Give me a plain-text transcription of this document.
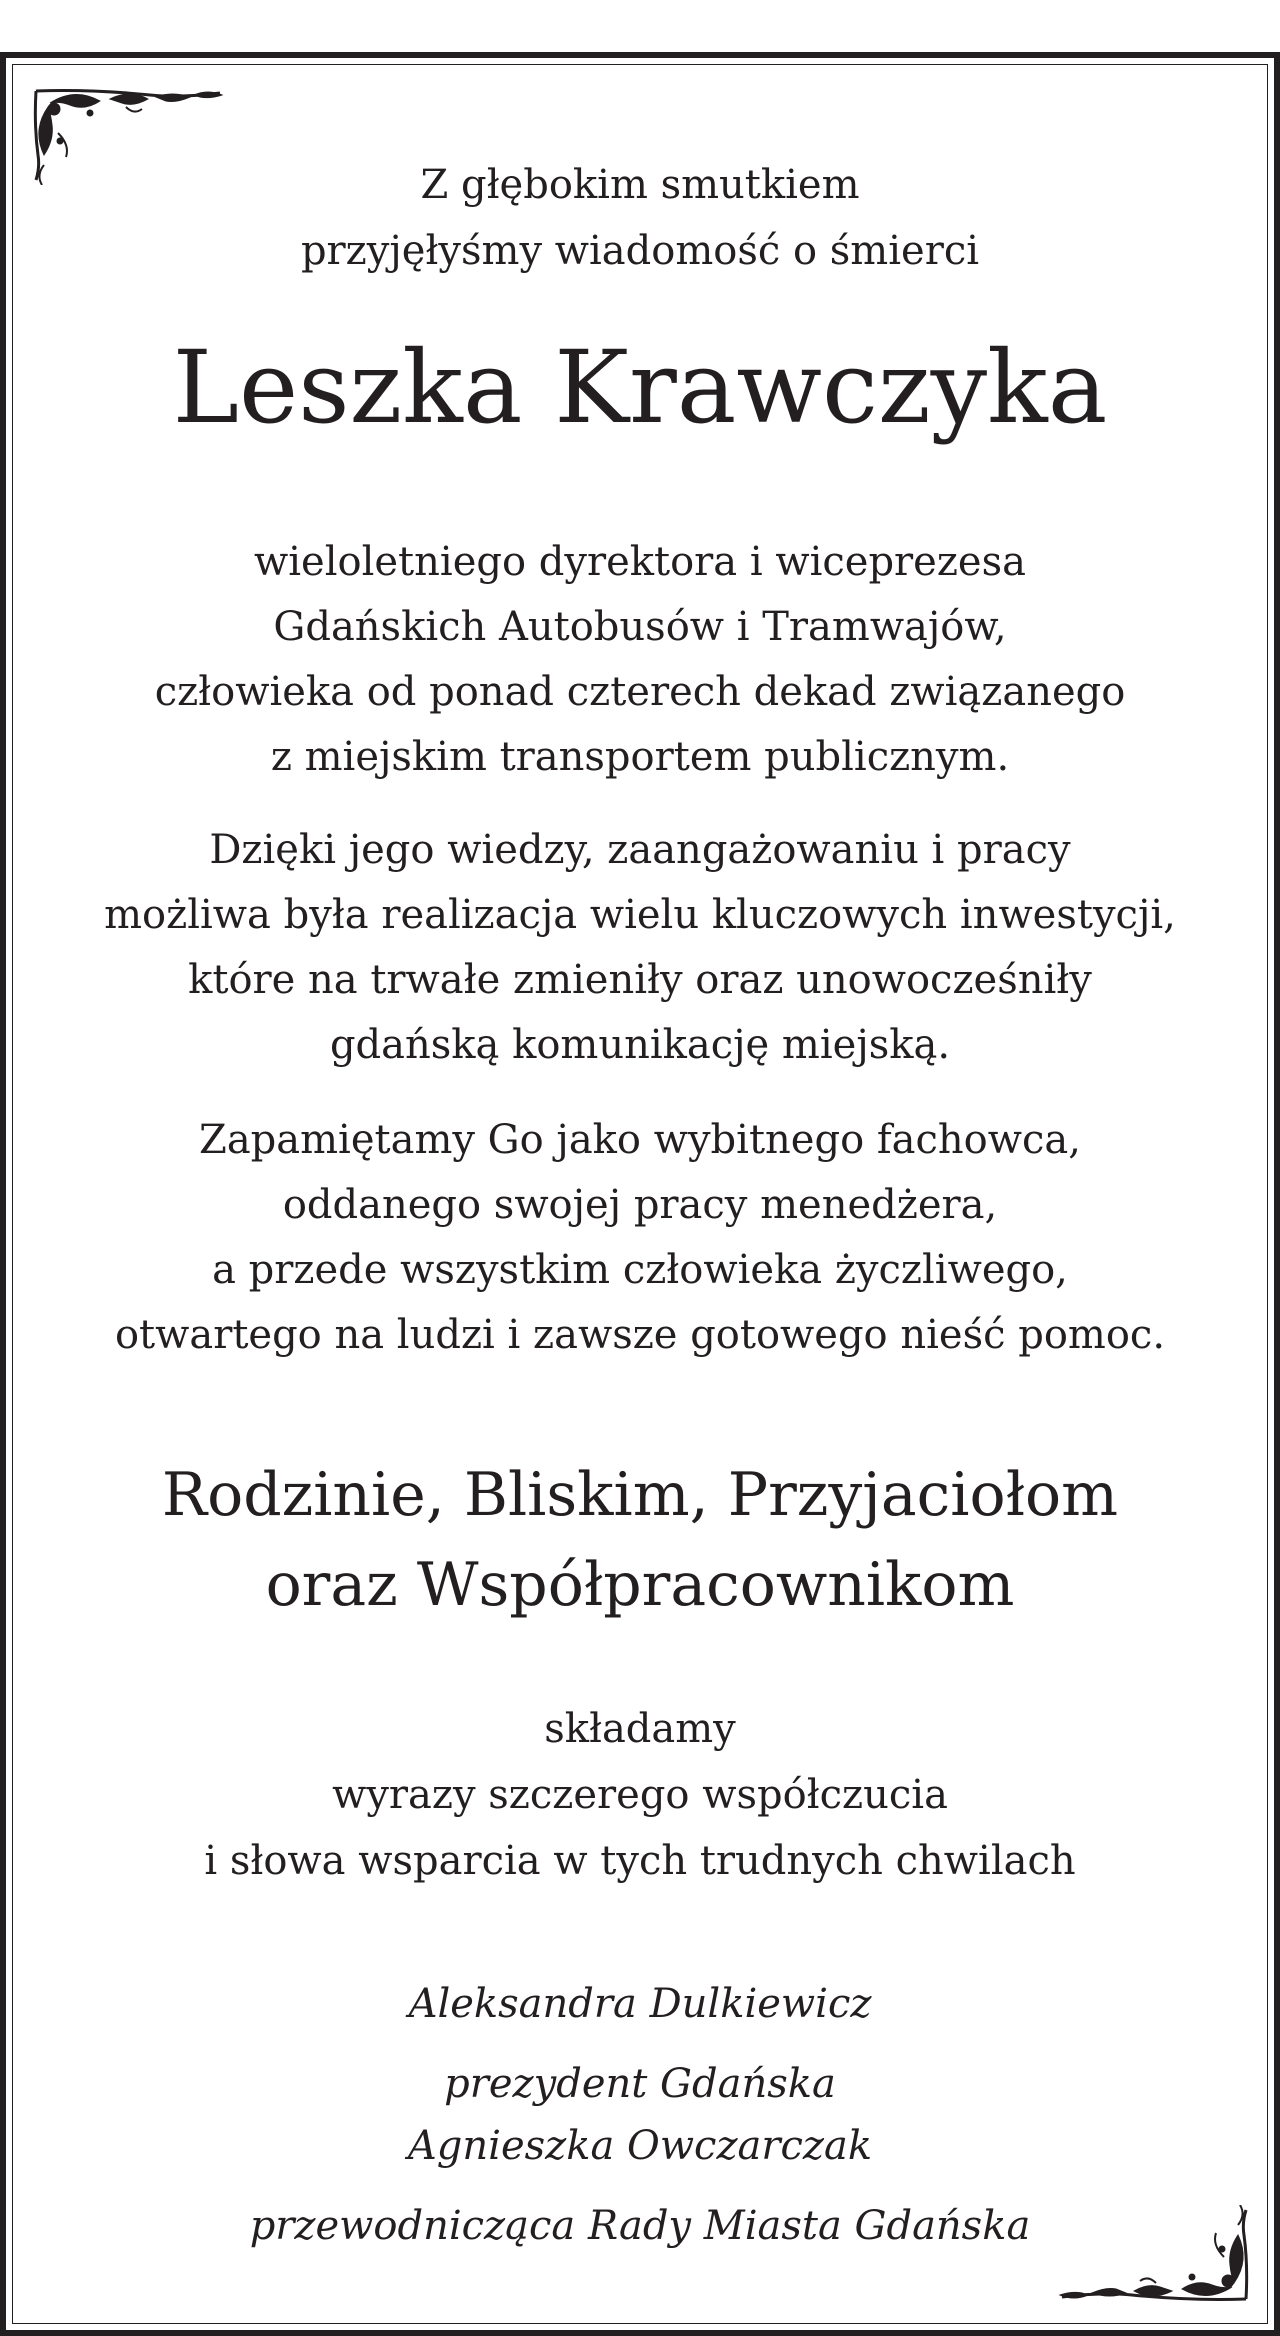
Z głębokim smutkiem
przyjęłyśmy wiadomość o śmierci
Leszka Krawczyka
wieloletniego dyrektora i wiceprezesa
Gdańskich Autobusów i Tramwajów,
człowieka od ponad czterech dekad związanego
z miejskim transportem publicznym.
Dzięki jego wiedzy, zaangażowaniu i pracy
możliwa była realizacja wielu kluczowych inwestycji,
które na trwałe zmieniły oraz unowocześniły
gdańską komunikację miejską.
Zapamiętamy Go jako wybitnego fachowca,
oddanego swojej pracy menedżera,
a przede wszystkim człowieka życzliwego,
otwartego na ludzi i zawsze gotowego nieść pomoc.
Rodzinie, Bliskim, Przyjaciołom
oraz Współpracownikom
składamy
wyrazy szczerego współczucia
i słowa wsparcia w tych trudnych chwilach
Aleksandra Dulkiewicz
prezydent Gdańska
Agnieszka Owczarczak
przewodnicząca Rady Miasta Gdańska
